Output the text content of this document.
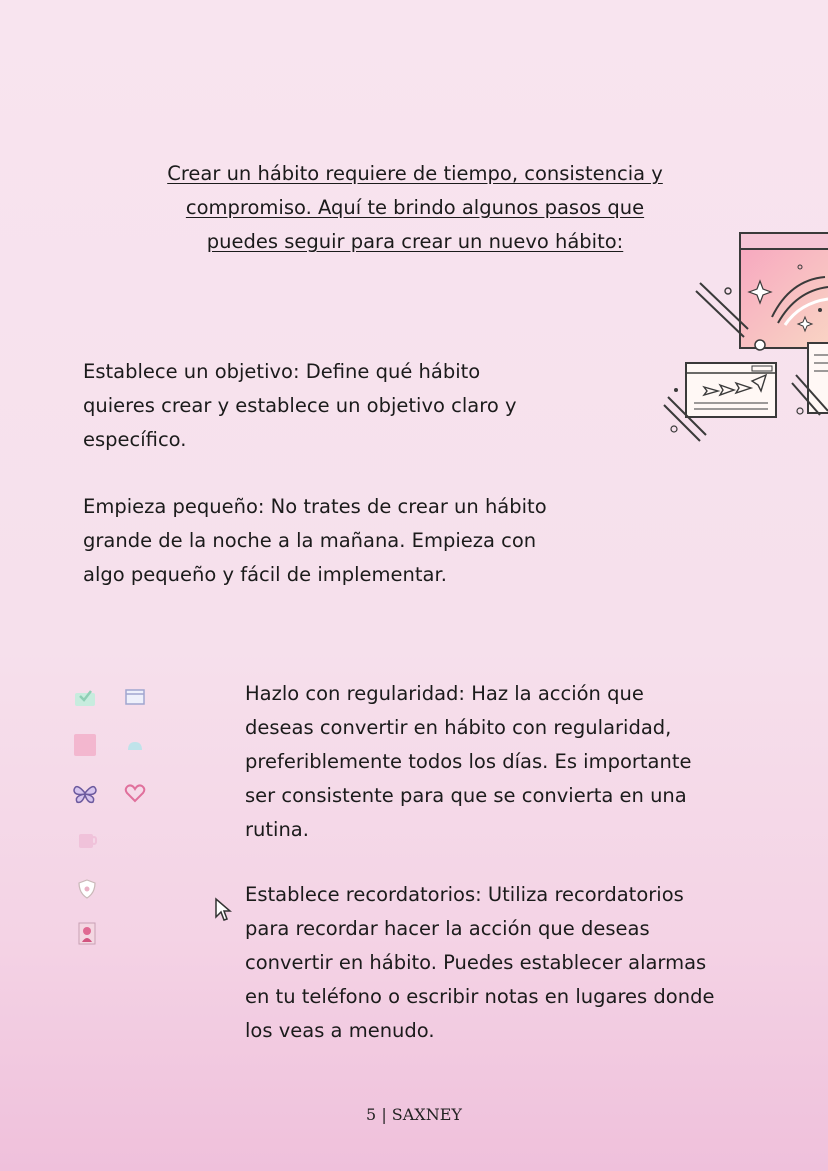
Crear un hábito requiere de tiempo, consistencia y
compromiso. Aquí te brindo algunos pasos que
puedes seguir para crear un nuevo hábito:

Establece un objetivo: Define qué hábito
quieres crear y establece un objetivo claro y
específico.

Empieza pequeño: No trates de crear un hábito
grande de la noche a la mañana. Empieza con
algo pequeño y fácil de implementar.

Hazlo con regularidad: Haz la acción que
deseas convertir en hábito con regularidad,
preferiblemente todos los días. Es importante
ser consistente para que se convierta en una
rutina.

Establece recordatorios: Utiliza recordatorios
para recordar hacer la acción que deseas
convertir en hábito. Puedes establecer alarmas
en tu teléfono o escribir notas en lugares donde
los veas a menudo.

5 | SAXNEY
